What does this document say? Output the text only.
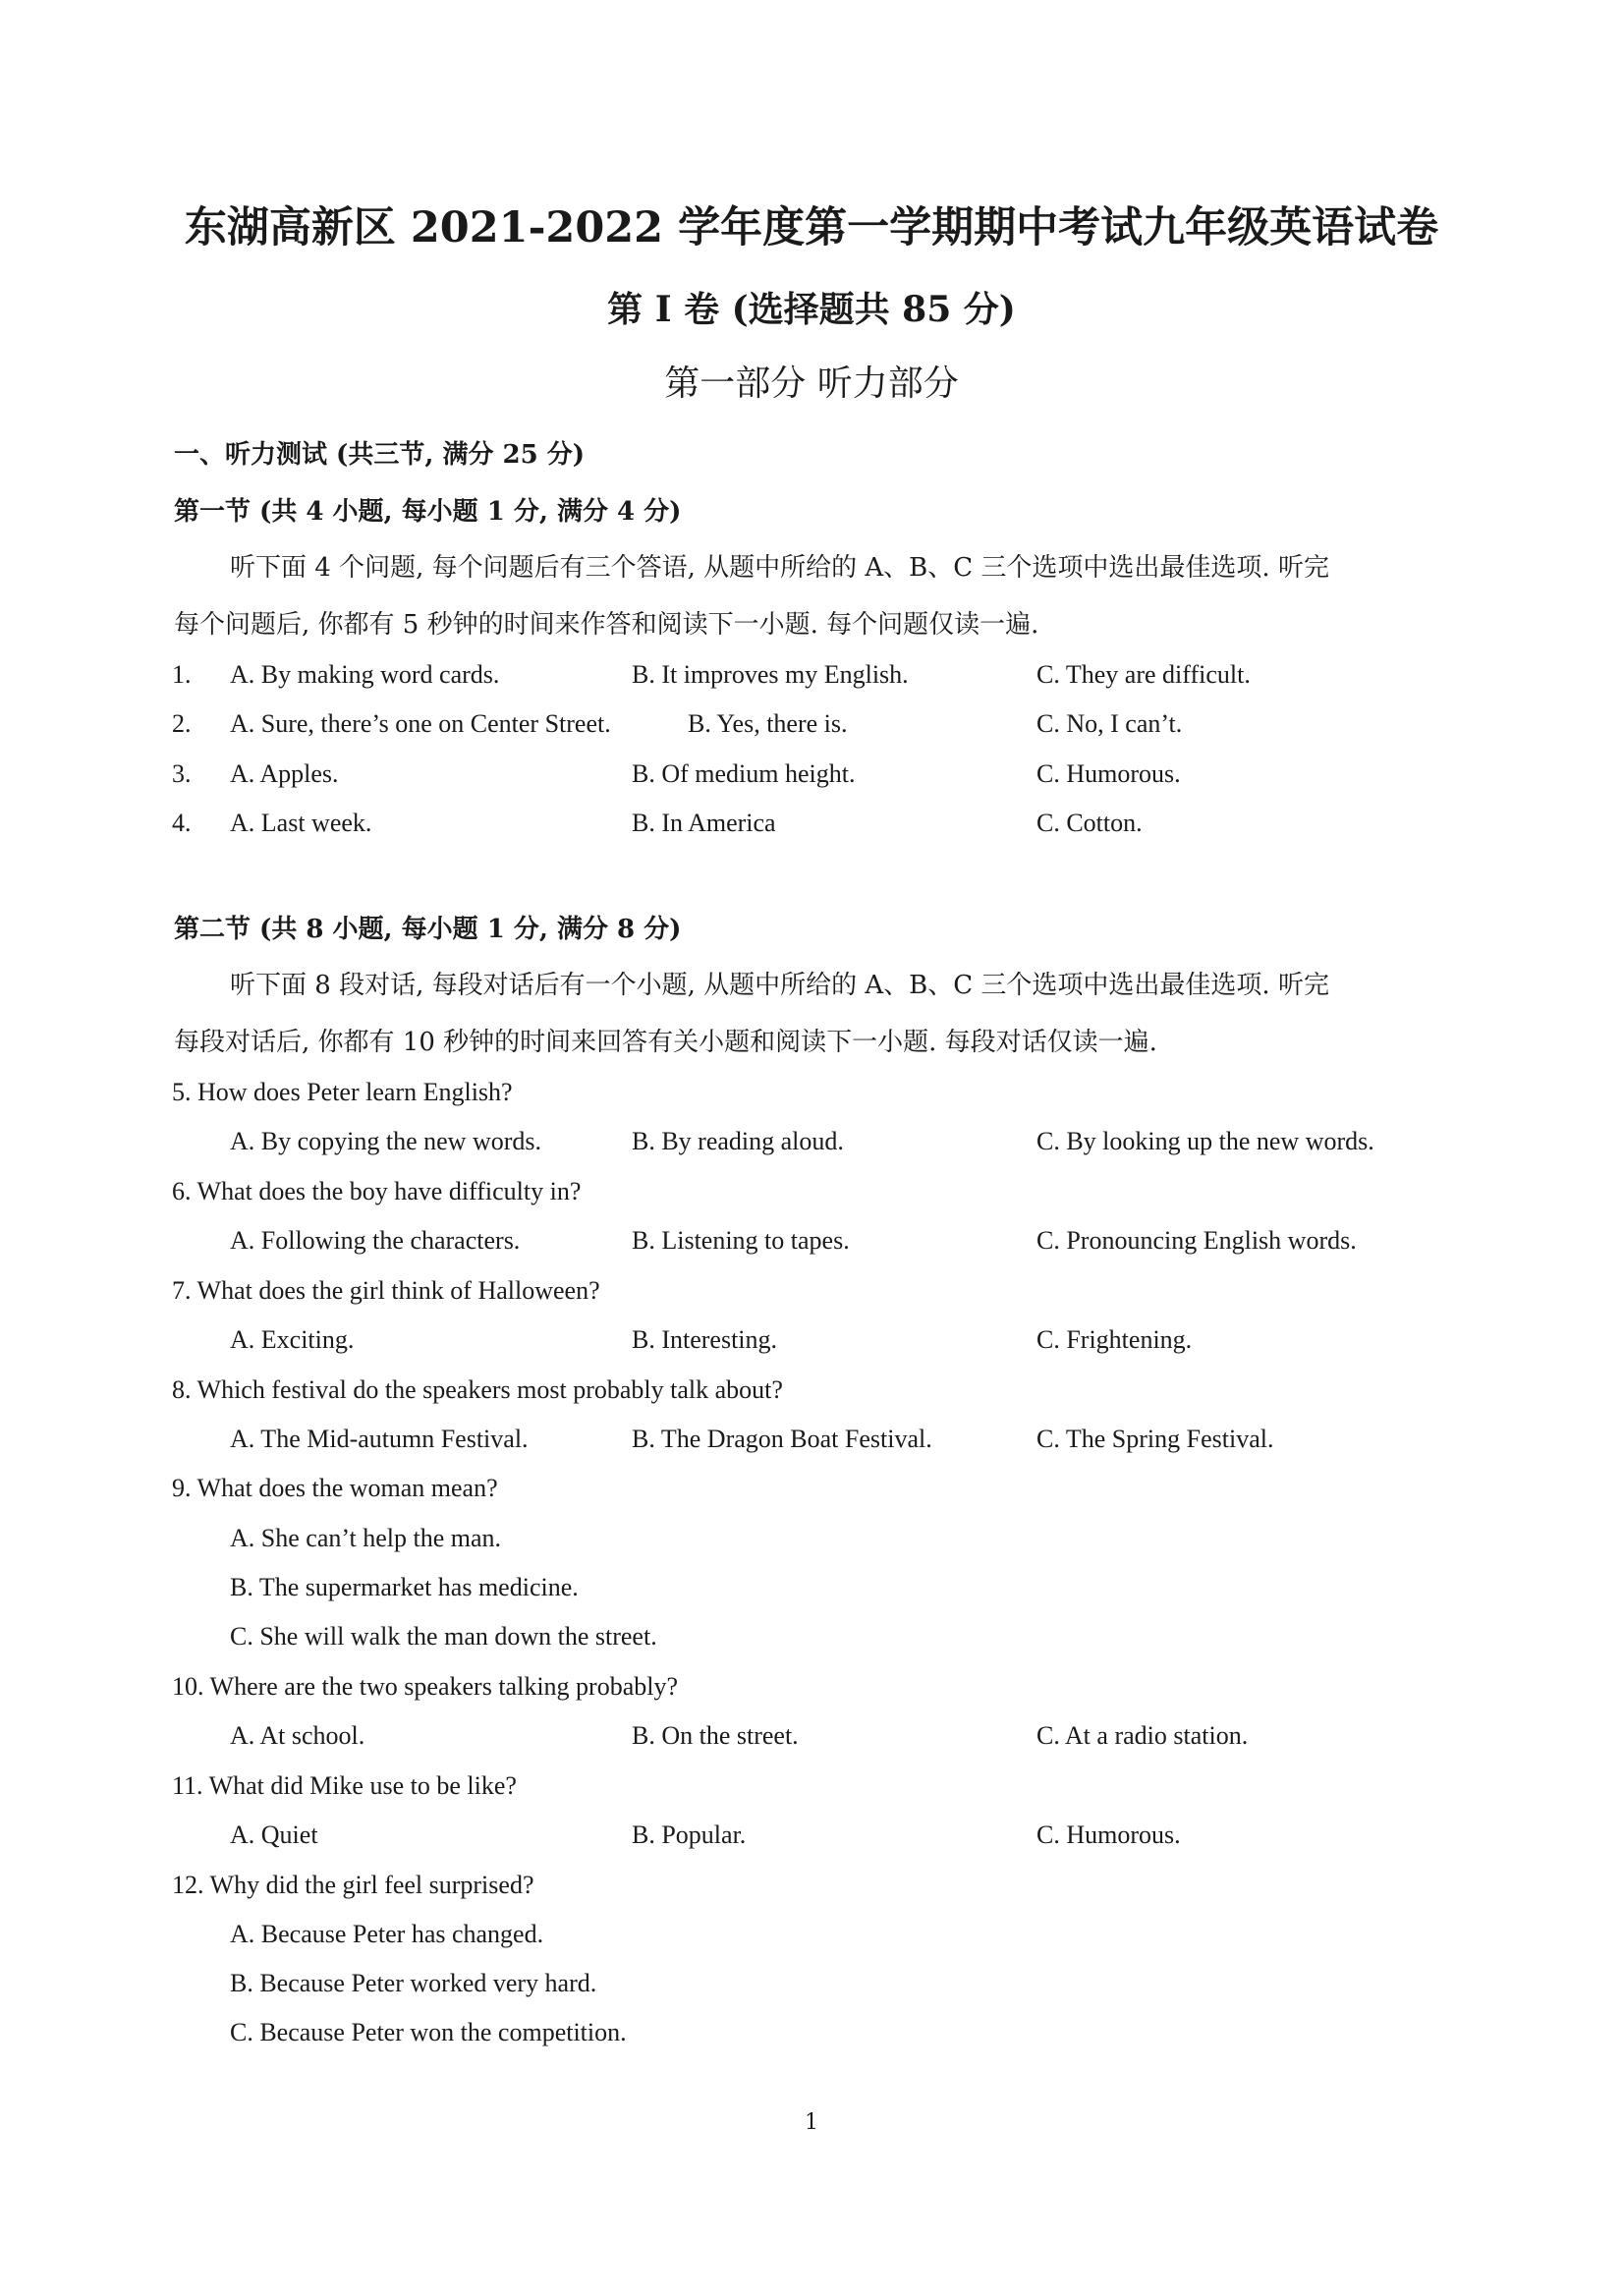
东湖高新区 2021-2022 学年度第一学期期中考试九年级英语试卷
第 I 卷 (选择题共 85 分)
第一部分 听力部分
一、听力测试 (共三节, 满分 25 分)
第一节 (共 4 小题, 每小题 1 分, 满分 4 分)
听下面 4 个问题, 每个问题后有三个答语, 从题中所给的 A、B、C 三个选项中选出最佳选项. 听完
每个问题后, 你都有 5 秒钟的时间来作答和阅读下一小题. 每个问题仅读一遍.
1. A. By making word cards.	B. It improves my English.	C. They are difficult.
2. A. Sure, there’s one on Center Street.	B. Yes, there is.	C. No, I can’t.
3. A. Apples.	B. Of medium height.	C. Humorous.
4. A. Last week.	B. In America	C. Cotton.
第二节 (共 8 小题, 每小题 1 分, 满分 8 分)
听下面 8 段对话, 每段对话后有一个小题, 从题中所给的 A、B、C 三个选项中选出最佳选项. 听完
每段对话后, 你都有 10 秒钟的时间来回答有关小题和阅读下一小题. 每段对话仅读一遍.
5. How does Peter learn English?
A. By copying the new words.	B. By reading aloud.	C. By looking up the new words.
6. What does the boy have difficulty in?
A. Following the characters.	B. Listening to tapes.	C. Pronouncing English words.
7. What does the girl think of Halloween?
A. Exciting.	B. Interesting.	C. Frightening.
8. Which festival do the speakers most probably talk about?
A. The Mid-autumn Festival.	B. The Dragon Boat Festival.	C. The Spring Festival.
9. What does the woman mean?
A. She can’t help the man.
B. The supermarket has medicine.
C. She will walk the man down the street.
10. Where are the two speakers talking probably?
A. At school.	B. On the street.	C. At a radio station.
11. What did Mike use to be like?
A. Quiet	B. Popular.	C. Humorous.
12. Why did the girl feel surprised?
A. Because Peter has changed.
B. Because Peter worked very hard.
C. Because Peter won the competition.
1
